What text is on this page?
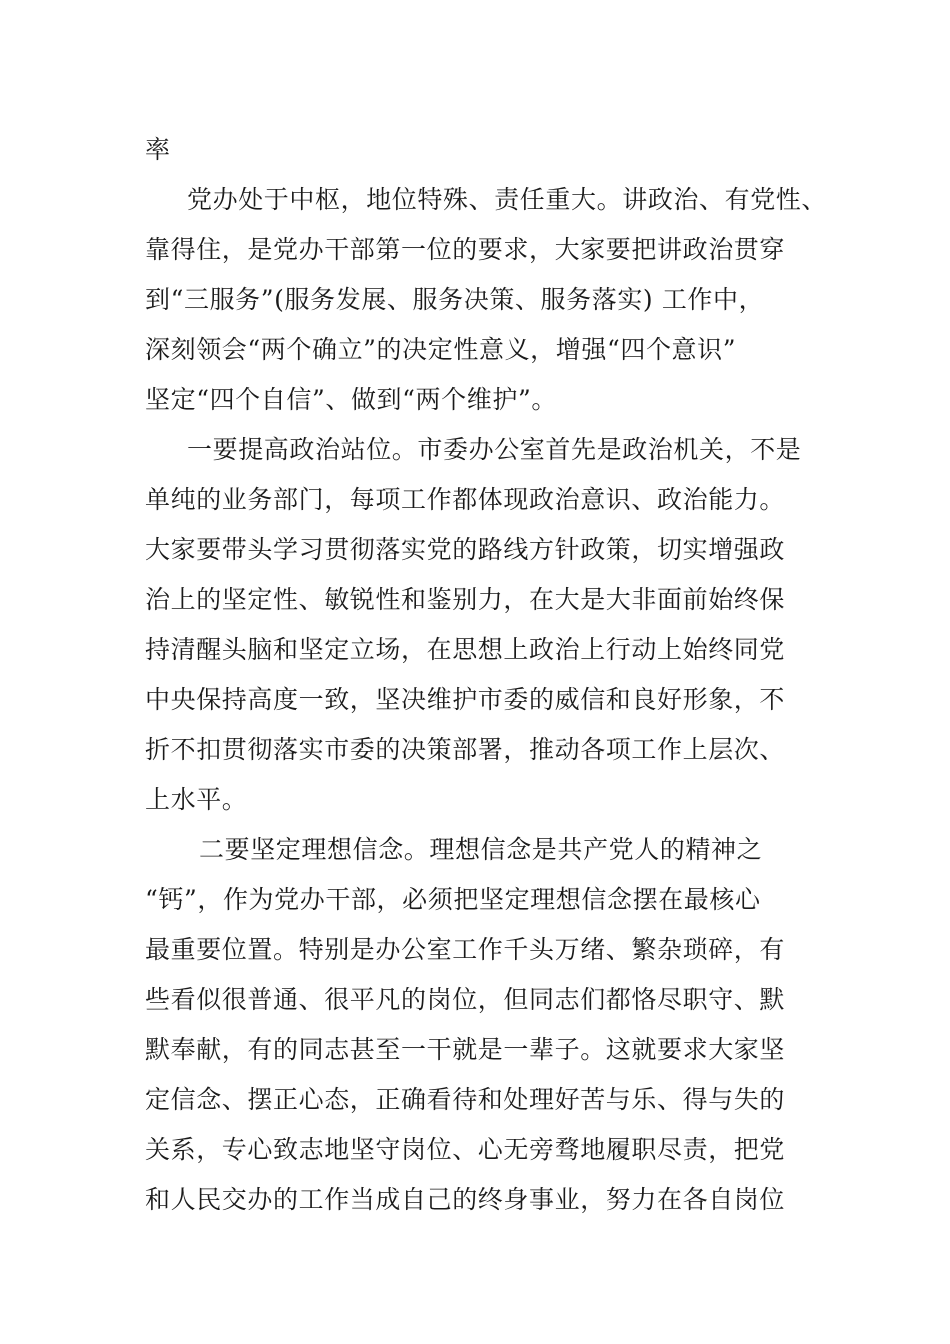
率

党办处于中枢，地位特殊、责任重大。讲政治、有党性、

靠得住，是党办干部第一位的要求，大家要把讲政治贯穿

到“三服务”(服务发展、服务决策、服务落实) 工作中，

深刻领会“两个确立”的决定性意义，增强“四个意识”

坚定“四个自信”、做到“两个维护”。

一要提高政治站位。市委办公室首先是政治机关，不是

单纯的业务部门，每项工作都体现政治意识、政治能力。

大家要带头学习贯彻落实党的路线方针政策，切实增强政

治上的坚定性、敏锐性和鉴别力，在大是大非面前始终保

持清醒头脑和坚定立场，在思想上政治上行动上始终同党

中央保持高度一致，坚决维护市委的威信和良好形象，不

折不扣贯彻落实市委的决策部署，推动各项工作上层次、

上水平。

二要坚定理想信念。理想信念是共产党人的精神之

“钙”，作为党办干部，必须把坚定理想信念摆在最核心

最重要位置。特别是办公室工作千头万绪、繁杂琐碎，有

些看似很普通、很平凡的岗位，但同志们都恪尽职守、默

默奉献，有的同志甚至一干就是一辈子。这就要求大家坚

定信念、摆正心态，正确看待和处理好苦与乐、得与失的

关系，专心致志地坚守岗位、心无旁骛地履职尽责，把党

和人民交办的工作当成自己的终身事业，努力在各自岗位
